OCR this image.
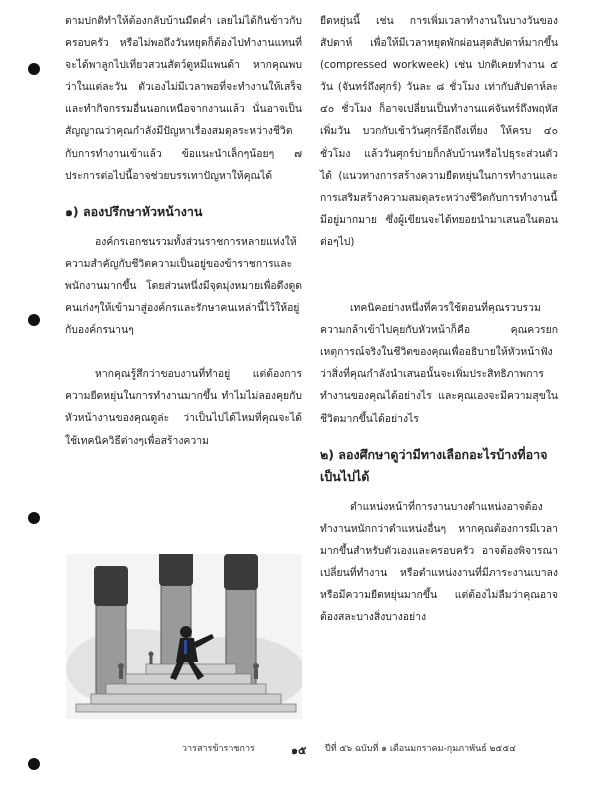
ตามปกติทำให้ต้องกลับบ้านมืดค่ำ เลยไม่ได้กินข้าวกับครอบครัว หรือไม่พอถึงวันหยุดก็ต้องไปทำงานแทนที่จะได้พาลูกไปเที่ยวสวนสัตว์ดูหมีแพนด้า หากคุณพบว่าในแต่ละวัน ตัวเองไม่มีเวลาพอที่จะทำงานให้เสร็จและทำกิจกรรมอื่นนอกเหนือจากงานแล้ว นั่นอาจเป็นสัญญาณว่าคุณกำลังมีปัญหาเรื่องสมดุลระหว่างชีวิตกับการทำงานเข้าแล้ว ข้อแนะนำเล็กๆน้อยๆ ๗ ประการต่อไปนี้อาจช่วยบรรเทาปัญหาให้คุณได้

๑) ลองปรึกษาหัวหน้างาน

องค์กรเอกชนรวมทั้งส่วนราชการหลายแห่งให้ความสำคัญกับชีวิตความเป็นอยู่ของข้าราชการและพนักงานมากขึ้น โดยส่วนหนึ่งมีจุดมุ่งหมายเพื่อดึงดูดคนเก่งๆให้เข้ามาสู่องค์กรและรักษาคนเหล่านี้ไว้ให้อยู่กับองค์กรนานๆ

หากคุณรู้สึกว่าขอบงานที่ทำอยู่ แต่ต้องการความยืดหยุ่นในการทำงานมากขึ้น ทำไมไม่ลองคุยกับหัวหน้างานของคุณดูล่ะ ว่าเป็นไปได้ไหมที่คุณจะได้ใช้เทคนิควิธีต่างๆเพื่อสร้างความ

ยืดหยุ่นนี้ เช่น การเพิ่มเวลาทำงานในบางวันของสัปดาห์ เพื่อให้มีเวลาหยุดพักผ่อนสุดสัปดาห์มากขึ้น (compressed workweek) เช่น ปกติเคยทำงาน ๕ วัน (จันทร์ถึงศุกร์) วันละ ๘ ชั่วโมง เท่ากับสัปดาห์ละ ๔๐ ชั่วโมง ก็อาจเปลี่ยนเป็นทำงานแค่จันทร์ถึงพฤหัสเพิ่มวัน บวกกับเช้าวันศุกร์อีกถึงเที่ยง ให้ครบ ๔๐ ชั่วโมง แล้ววันศุกร์บ่ายก็กลับบ้านหรือไปธุระส่วนตัวได้ (แนวทางการสร้างความยืดหยุ่นในการทำงานและการเสริมสร้างความสมดุลระหว่างชีวิตกับการทำงานนี้มีอยู่มากมาย ซึ่งผู้เขียนจะได้ทยอยนำมาเสนอในตอนต่อๆไป)

เทคนิคอย่างหนึ่งที่ควรใช้ตอนที่คุณรวบรวมความกล้าเข้าไปคุยกับหัวหน้าก็คือ คุณควรยกเหตุการณ์จริงในชีวิตของคุณเพื่ออธิบายให้หัวหน้าฟัง ว่าสิ่งที่คุณกำลังนำเสนอนั้นจะเพิ่มประสิทธิภาพการทำงานของคุณได้อย่างไร และคุณเองจะมีความสุขในชีวิตมากขึ้นได้อย่างไร

๒) ลองศึกษาดูว่ามีทางเลือกอะไรบ้างที่อาจเป็นไปได้

ตำแหน่งหน้าที่การงานบางตำแหน่งอาจต้องทำงานหนักกว่าตำแหน่งอื่นๆ หากคุณต้องการมีเวลามากขึ้นสำหรับตัวเองและครอบครัว อาจต้องพิจารณาเปลี่ยนที่ทำงาน หรือตำแหน่งงานที่มีภาระงานเบาลงหรือมีความยืดหยุ่นมากขึ้น แต่ต้องไม่ลืมว่าคุณอาจต้องสละบางสิ่งบางอย่าง

วารสารข้าราชการ	๑๕ ปีที่ ๕๖ ฉบับที่ ๑ เดือนมกราคม-กุมภาพันธ์ ๒๕๕๔
